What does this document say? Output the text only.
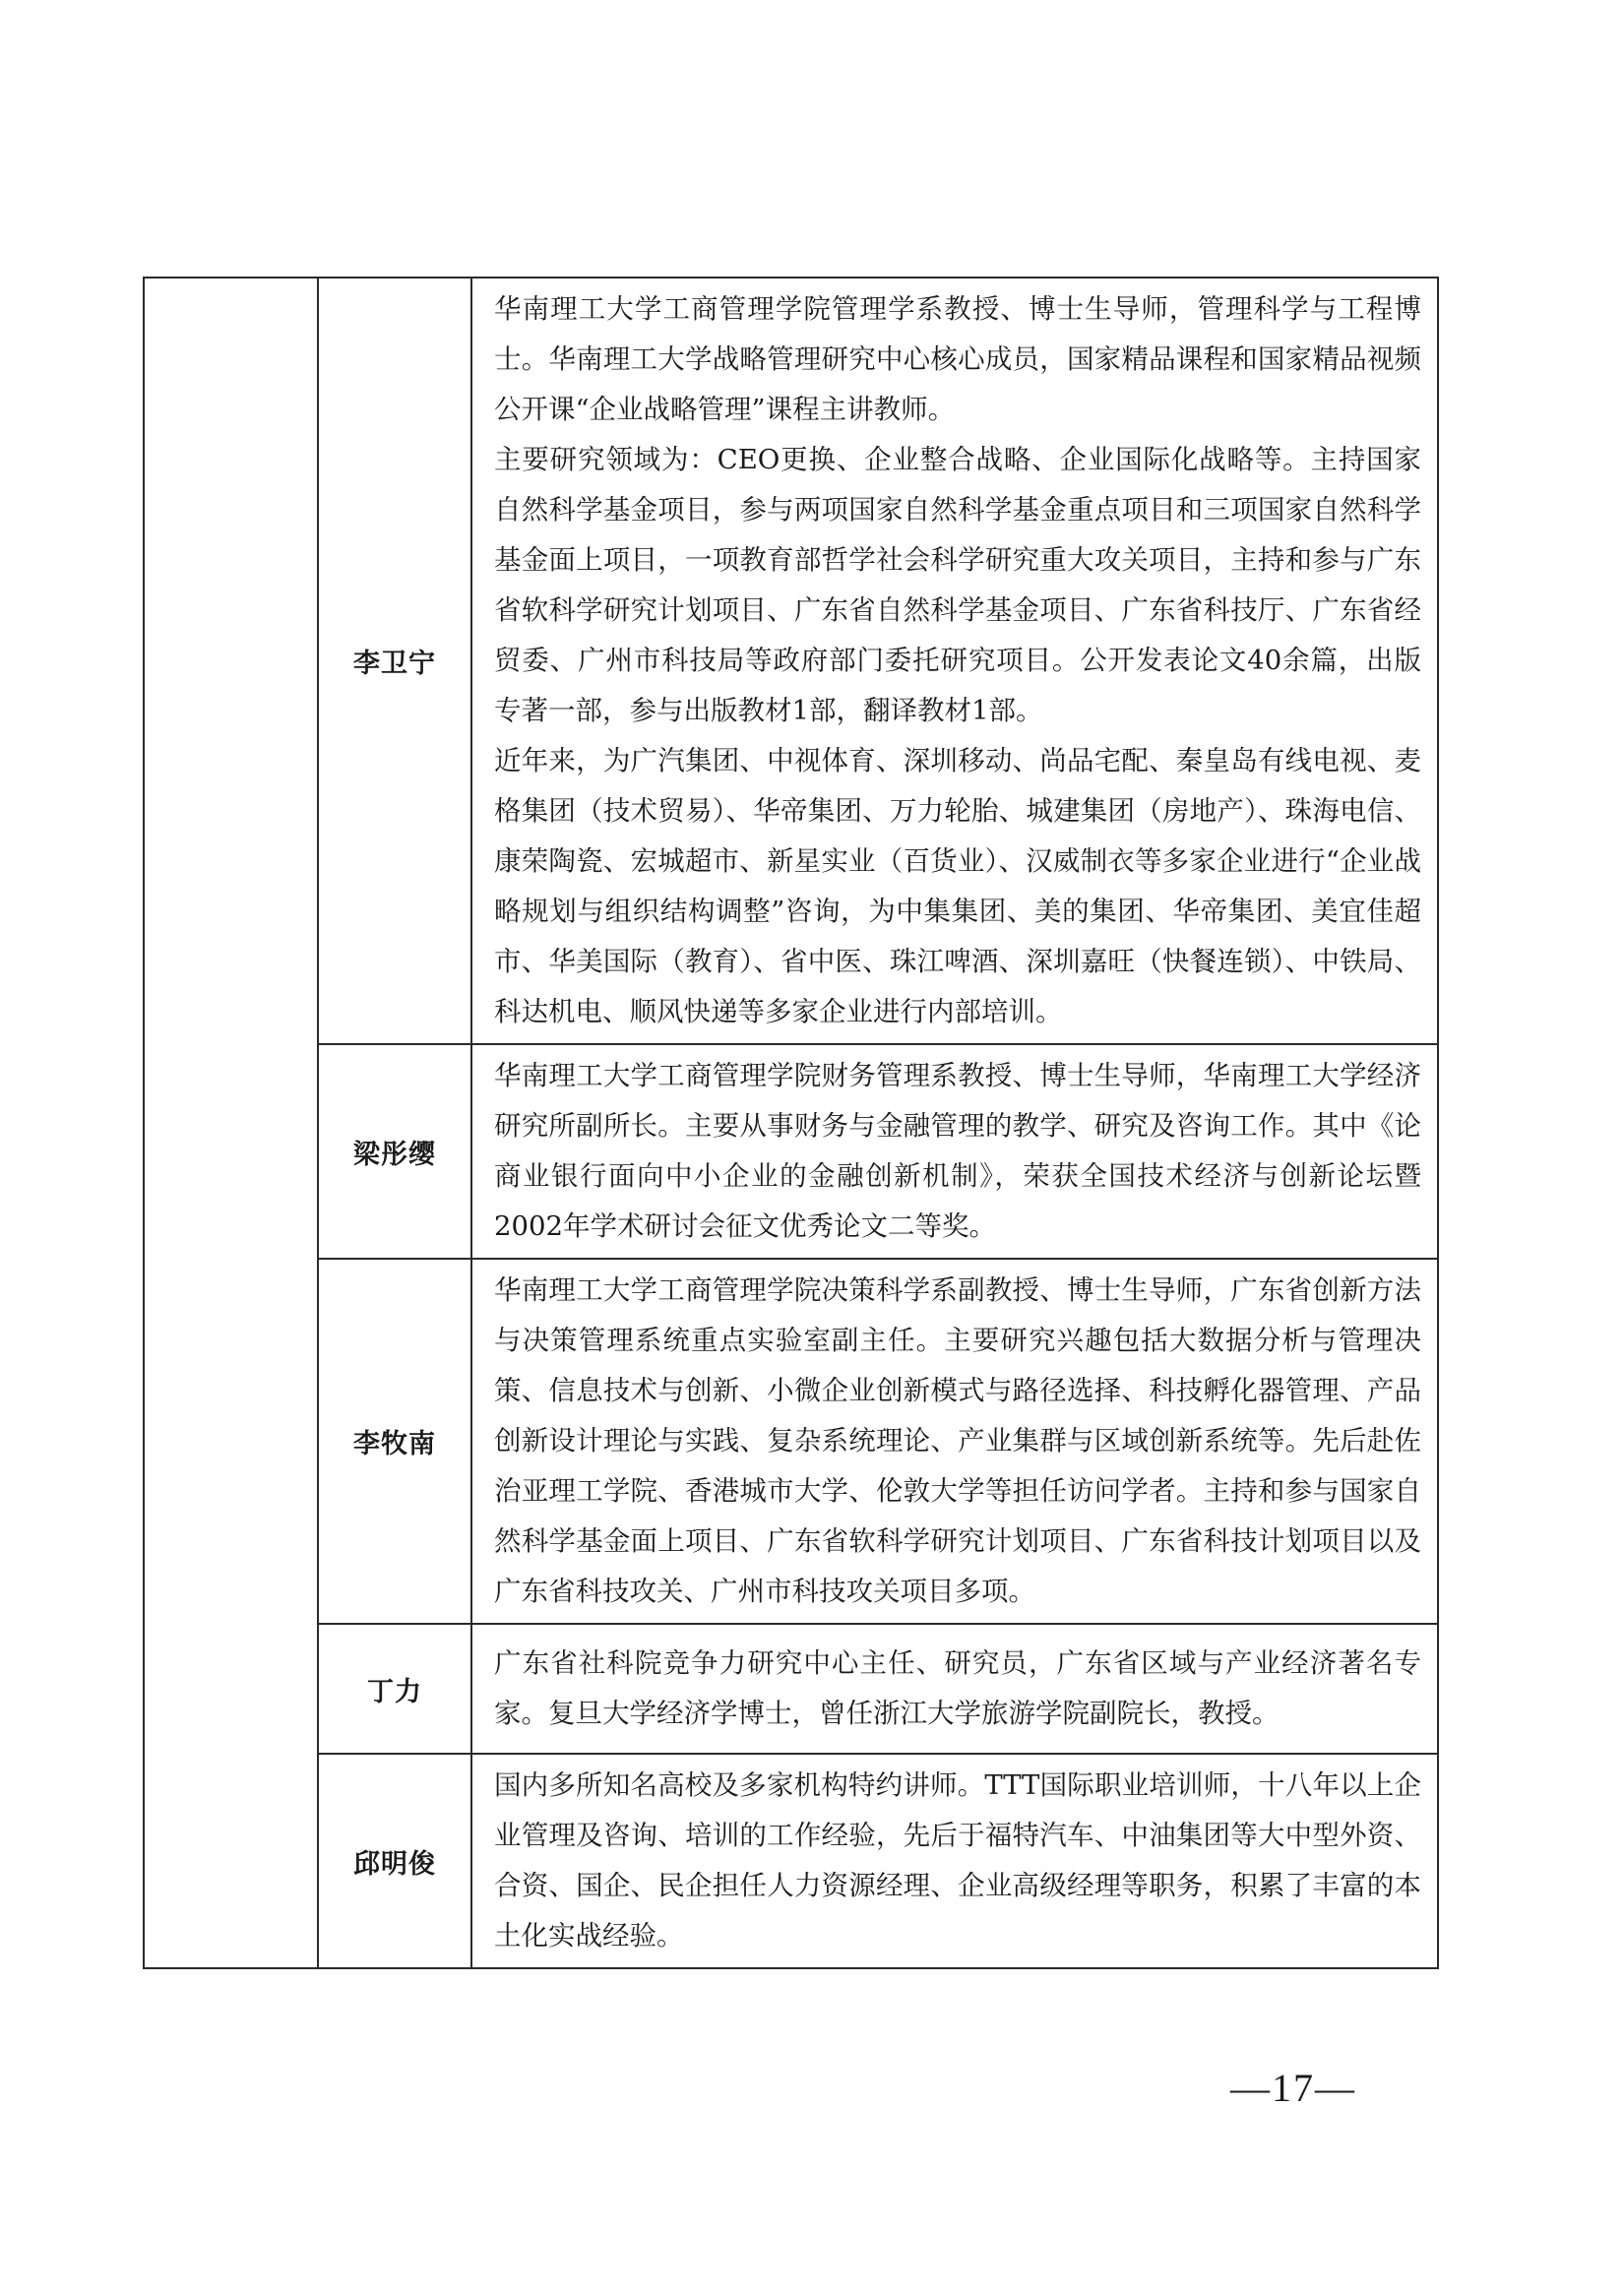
	李卫宁	华南理工大学工商管理学院管理学系教授、博士生导师，管理科学与工程博士。华南理工大学战略管理研究中心核心成员，国家精品课程和国家精品视频公开课“企业战略管理”课程主讲教师。

主要研究领域为：CEO更换、企业整合战略、企业国际化战略等。主持国家自然科学基金项目，参与两项国家自然科学基金重点项目和三项国家自然科学基金面上项目，一项教育部哲学社会科学研究重大攻关项目，主持和参与广东省软科学研究计划项目、广东省自然科学基金项目、广东省科技厅、广东省经贸委、广州市科技局等政府部门委托研究项目。公开发表论文40余篇，出版专著一部，参与出版教材1部，翻译教材1部。

近年来，为广汽集团、中视体育、深圳移动、尚品宅配、秦皇岛有线电视、麦格集团（技术贸易）、华帝集团、万力轮胎、城建集团（房地产）、珠海电信、康荣陶瓷、宏城超市、新星实业（百货业）、汉威制衣等多家企业进行“企业战略规划与组织结构调整”咨询，为中集集团、美的集团、华帝集团、美宜佳超市、华美国际（教育）、省中医、珠江啤酒、深圳嘉旺（快餐连锁）、中铁局、科达机电、顺风快递等多家企业进行内部培训。

	梁彤缨	华南理工大学工商管理学院财务管理系教授、博士生导师，华南理工大学经济研究所副所长。主要从事财务与金融管理的教学、研究及咨询工作。其中《论商业银行面向中小企业的金融创新机制》，荣获全国技术经济与创新论坛暨2002年学术研讨会征文优秀论文二等奖。

	李牧南	华南理工大学工商管理学院决策科学系副教授、博士生导师，广东省创新方法与决策管理系统重点实验室副主任。主要研究兴趣包括大数据分析与管理决策、信息技术与创新、小微企业创新模式与路径选择、科技孵化器管理、产品创新设计理论与实践、复杂系统理论、产业集群与区域创新系统等。先后赴佐治亚理工学院、香港城市大学、伦敦大学等担任访问学者。主持和参与国家自然科学基金面上项目、广东省软科学研究计划项目、广东省科技计划项目以及广东省科技攻关、广州市科技攻关项目多项。

	丁力	广东省社科院竞争力研究中心主任、研究员，广东省区域与产业经济著名专家。复旦大学经济学博士，曾任浙江大学旅游学院副院长，教授。

	邱明俊	国内多所知名高校及多家机构特约讲师。TTT国际职业培训师，十八年以上企业管理及咨询、培训的工作经验，先后于福特汽车、中油集团等大中型外资、合资、国企、民企担任人力资源经理、企业高级经理等职务，积累了丰富的本土化实战经验。

—17—
